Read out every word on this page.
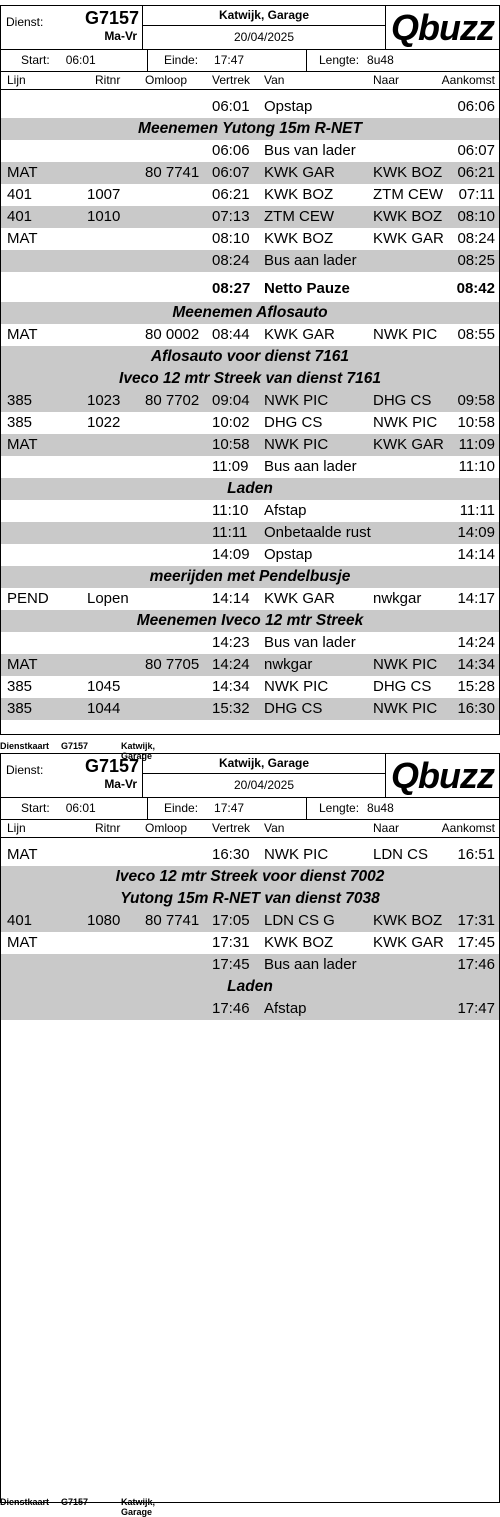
Dienst: G7157
Ma-Vr
Katwijk, Garage
20/04/2025	Qbuzz
Start: 06:01	Einde: 17:47	Lengte: 8u48
Lijn	Ritnr Omloop Vertrek Van	Naar	Aankomst
06:01 Opstap	06:06
Meenemen Yutong 15m R-NET
06:06 Bus van lader	06:07
MAT	80 7741 06:07 KWK GAR	KWK BOZ 06:21
401	1007	06:21 KWK BOZ	ZTM CEW 07:11
401	1010	07:13 ZTM CEW	KWK BOZ 08:10
MAT	08:10 KWK BOZ	KWK GAR 08:24
08:24 Bus aan lader	08:25
08:27 Netto Pauze	08:42
Meenemen Aflosauto
MAT	80 0002 08:44 KWK GAR	NWK PIC 08:55
Aflosauto voor dienst 7161
Iveco 12 mtr Streek van dienst 7161
385	1023 80 7702 09:04 NWK PIC	DHG CS 09:58
385	1022	10:02 DHG CS	NWK PIC 10:58
MAT	10:58 NWK PIC	KWK GAR 11:09
11:09 Bus aan lader	11:10
Laden
11:10 Afstap	11:11
11:11 Onbetaalde rust	14:09
14:09 Opstap	14:14
meerijden met Pendelbusje
PEND	Lopen	14:14 KWK GAR	nwkgar 14:17
Meenemen Iveco 12 mtr Streek
14:23 Bus van lader	14:24
MAT	80 7705 14:24 nwkgar	NWK PIC 14:34
385	1045	14:34 NWK PIC	DHG CS 15:28
385	1044	15:32 DHG CS	NWK PIC 16:30
Dienstkaart G7157	Katwijk, Garage
Dienst: G7157
Ma-Vr
Katwijk, Garage
20/04/2025	Qbuzz
Start: 06:01	Einde: 17:47	Lengte: 8u48
Lijn	Ritnr Omloop Vertrek Van	Naar	Aankomst
MAT	16:30 NWK PIC	LDN CS 16:51
Iveco 12 mtr Streek voor dienst 7002
Yutong 15m R-NET van dienst 7038
401	1080 80 7741 17:05 LDN CS G	KWK BOZ 17:31
MAT	17:31 KWK BOZ	KWK GAR 17:45
17:45 Bus aan lader	17:46
Laden
17:46 Afstap	17:47
Dienstkaart G7157	Katwijk, Garage
